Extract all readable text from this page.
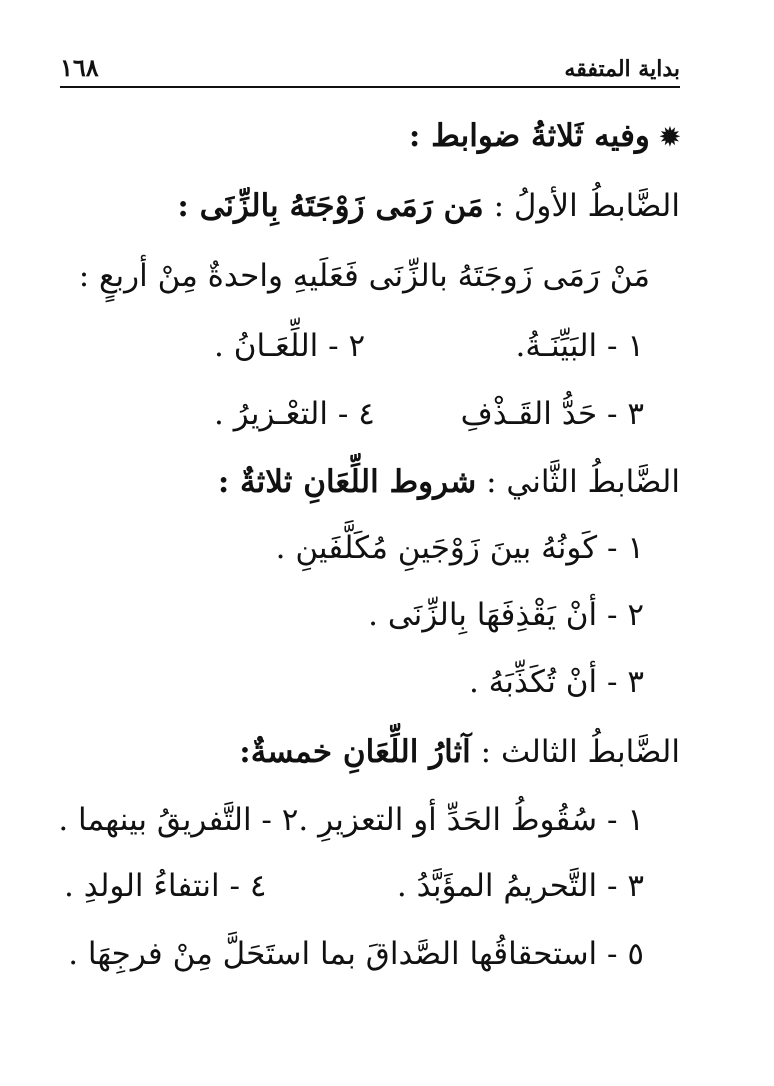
بداية المتفقه
١٦٨
✹وفيه ثَلاثةُ ضوابط :
الضَّابطُ الأولُ : مَن رَمَى زَوْجَتَهُ بِالزِّنَى :
مَنْ رَمَى زَوجَتَهُ بالزِّنَى فَعَلَيهِ واحدةٌ مِنْ أربعٍ :
١ - البَيِّنَـةُ.
٢ - اللِّعَـانُ .
٣ - حَدُّ القَـذْفِ
٤ - التعْـزيرُ .
الضَّابطُ الثَّاني : شروط اللِّعَانِ ثلاثةٌ :
١ - كَونُهُ بينَ زَوْجَينِ مُكَلَّفَينِ .
٢ - أنْ يَقْذِفَهَا بِالزِّنَى .
٣ - أنْ تُكَذِّبَهُ .
الضَّابطُ الثالث : آثارُ اللِّعَانِ خمسةٌ:
١ - سُقُوطُ الحَدِّ أو التعزيرِ .
٢ - التَّفريقُ بينهما .
٣ - التَّحريمُ المؤَبَّدُ .
٤ - انتفاءُ الولدِ .
٥ - استحقاقُها الصَّداقَ بما استَحَلَّ مِنْ فرجِهَا .
